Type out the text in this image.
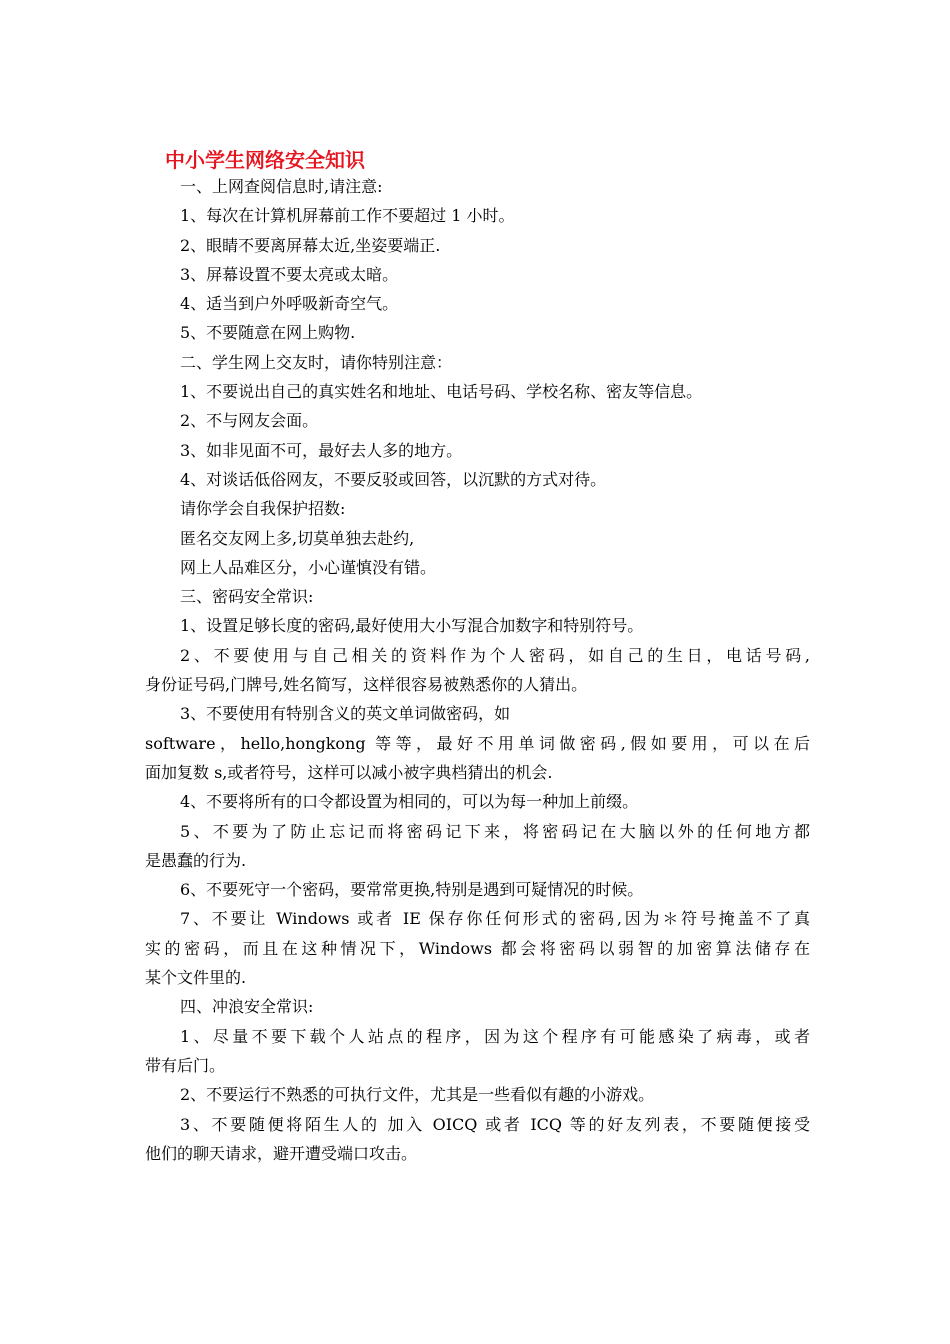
中小学生网络安全知识
一、上网查阅信息时,请注意:
1、每次在计算机屏幕前工作不要超过 1 小时。
2、眼睛不要离屏幕太近,坐姿要端正.
3、屏幕设置不要太亮或太暗。
4、适当到户外呼吸新奇空气。
5、不要随意在网上购物.
二、学生网上交友时，请你特别注意：
1、不要说出自己的真实姓名和地址、电话号码、学校名称、密友等信息。
2、不与网友会面。
3、如非见面不可，最好去人多的地方。
4、对谈话低俗网友，不要反驳或回答，以沉默的方式对待。
请你学会自我保护招数:
匿名交友网上多,切莫单独去赴约,
网上人品难区分，小心谨慎没有错。
三、密码安全常识:
1、设置足够长度的密码,最好使用大小写混合加数字和特别符号。
2、不要使用与自己相关的资料作为个人密码，如自己的生日，电话号码,
身份证号码,门牌号,姓名简写，这样很容易被熟悉你的人猜出。
3、不要使用有特别含义的英文单词做密码，如
software，hello,hongkong 等等，最好不用单词做密码,假如要用，可以在后
面加复数 s,或者符号，这样可以减小被字典档猜出的机会.
4、不要将所有的口令都设置为相同的，可以为每一种加上前缀。
5、不要为了防止忘记而将密码记下来，将密码记在大脑以外的任何地方都
是愚蠢的行为.
6、不要死守一个密码，要常常更换,特别是遇到可疑情况的时候。
7、不要让 Windows 或者 IE 保存你任何形式的密码,因为＊符号掩盖不了真
实的密码，而且在这种情况下，Windows 都会将密码以弱智的加密算法储存在
某个文件里的.
四、冲浪安全常识:
1、尽量不要下载个人站点的程序，因为这个程序有可能感染了病毒，或者
带有后门。
2、不要运行不熟悉的可执行文件，尤其是一些看似有趣的小游戏。
3、不要随便将陌生人的 加入 OICQ 或者 ICQ 等的好友列表，不要随便接受
他们的聊天请求，避开遭受端口攻击。
